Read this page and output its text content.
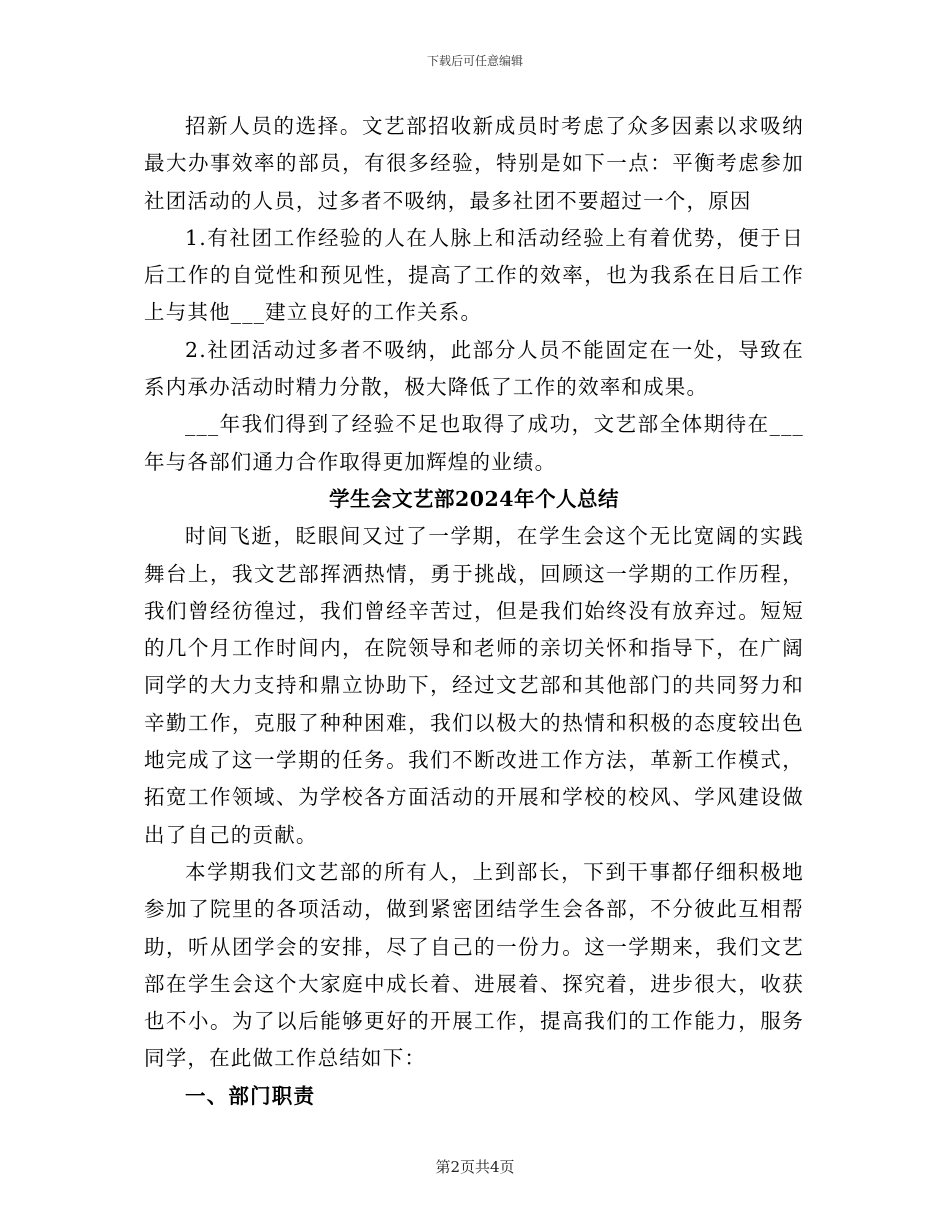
下载后可任意编辑

招新人员的选择。文艺部招收新成员时考虑了众多因素以求吸纳最大办事效率的部员，有很多经验，特别是如下一点：平衡考虑参加社团活动的人员，过多者不吸纳，最多社团不要超过一个，原因

1.有社团工作经验的人在人脉上和活动经验上有着优势，便于日后工作的自觉性和预见性，提高了工作的效率，也为我系在日后工作上与其他___建立良好的工作关系。

2.社团活动过多者不吸纳，此部分人员不能固定在一处，导致在系内承办活动时精力分散，极大降低了工作的效率和成果。

___年我们得到了经验不足也取得了成功，文艺部全体期待在___年与各部们通力合作取得更加辉煌的业绩。

学生会文艺部2024年个人总结

时间飞逝，眨眼间又过了一学期，在学生会这个无比宽阔的实践舞台上，我文艺部挥洒热情，勇于挑战，回顾这一学期的工作历程，我们曾经彷徨过，我们曾经辛苦过，但是我们始终没有放弃过。短短的几个月工作时间内，在院领导和老师的亲切关怀和指导下，在广阔同学的大力支持和鼎立协助下，经过文艺部和其他部门的共同努力和辛勤工作，克服了种种困难，我们以极大的热情和积极的态度较出色地完成了这一学期的任务。我们不断改进工作方法，革新工作模式，拓宽工作领域、为学校各方面活动的开展和学校的校风、学风建设做出了自己的贡献。

本学期我们文艺部的所有人，上到部长，下到干事都仔细积极地参加了院里的各项活动，做到紧密团结学生会各部，不分彼此互相帮助，听从团学会的安排，尽了自己的一份力。这一学期来，我们文艺部在学生会这个大家庭中成长着、进展着、探究着，进步很大，收获也不小。为了以后能够更好的开展工作，提高我们的工作能力，服务同学，在此做工作总结如下：

一、部门职责

第2页共4页
